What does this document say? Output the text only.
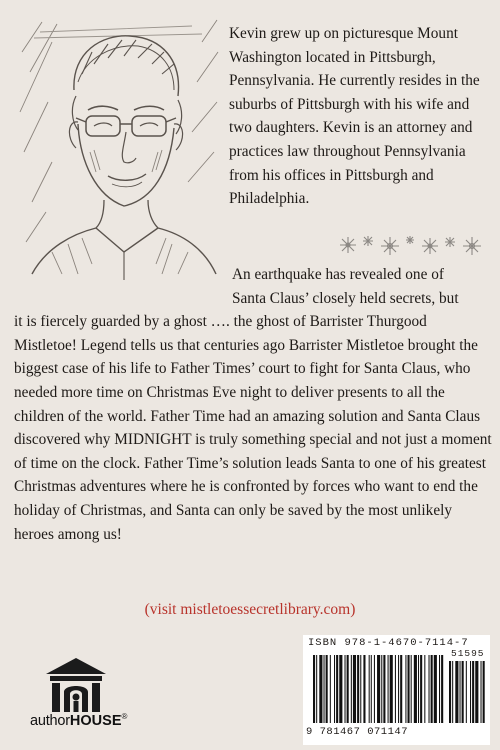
Kevin grew up on picturesque Mount Washington located in Pittsburgh, Pennsylvania. He currently resides in the suburbs of Pittsburgh with his wife and two daughters. Kevin is an attorney and practices law throughout Pennsylvania from his offices in Pittsburgh and Philadelphia.

An earthquake has revealed one of
Santa Claus’ closely held secrets, but
it is fiercely guarded by a ghost …. the ghost of Barrister Thurgood Mistletoe! Legend tells us that centuries ago Barrister Mistletoe brought the biggest case of his life to Father Times’ court to fight for Santa Claus, who needed more time on Christmas Eve night to deliver presents to all the children of the world. Father Time had an amazing solution and Santa Claus discovered why MIDNIGHT is truly something special and not just a moment of time on the clock. Father Time’s solution leads Santa to one of his greatest Christmas adventures where he is confronted by forces who want to end the holiday of Christmas, and Santa can only be saved by the most unlikely heroes among us!

(visit mistletoessecretlibrary.com)
authorHOUSE®
ISBN 978-1-4670-7114-7
51595
9 781467 071147
